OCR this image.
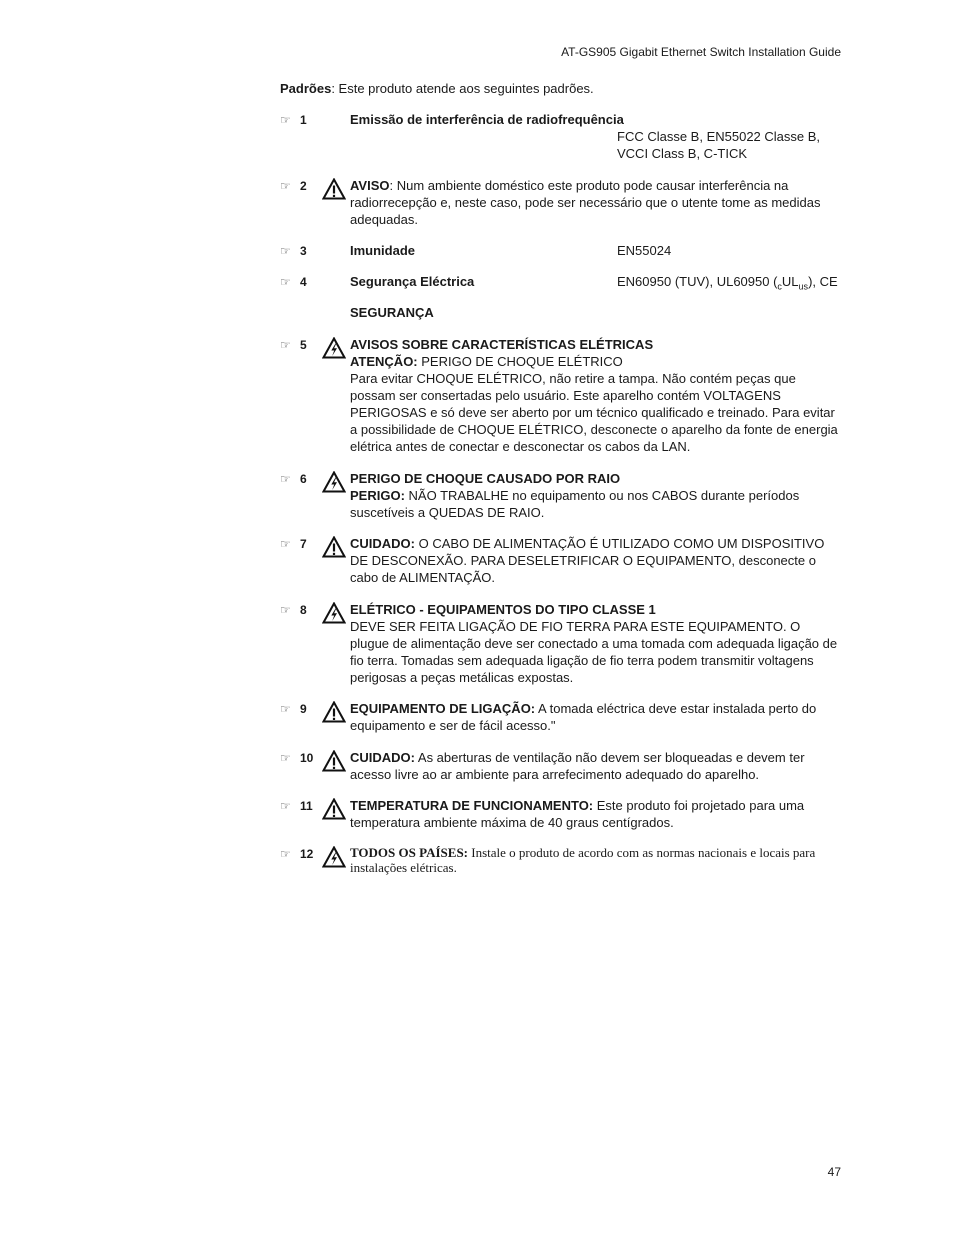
AT-GS905 Gigabit Ethernet Switch Installation Guide
Padrões: Este produto atende aos seguintes padrões.
☞ 1	Emissão de interferência de radiofrequência
FCC Classe B, EN55022 Classe B,
VCCI Class B, C-TICK
☞ 2	AVISO: Num ambiente doméstico este produto pode causar interferência na radiorrecepção e, neste caso, pode ser necessário que o utente tome as medidas adequadas.
☞ 3	Imunidade	EN55024
☞ 4	Segurança Eléctrica	EN60950 (TUV), UL60950 $(_cUL_{us})$, CE
SEGURANÇA
☞ 5	AVISOS SOBRE CARACTERÍSTICAS ELÉTRICAS
ATENÇÃO: PERIGO DE CHOQUE ELÉTRICO
Para evitar CHOQUE ELÉTRICO, não retire a tampa. Não contém peças que possam ser consertadas pelo usuário. Este aparelho contém VOLTAGENS PERIGOSAS e só deve ser aberto por um técnico qualificado e treinado. Para evitar a possibilidade de CHOQUE ELÉTRICO, desconecte o aparelho da fonte de energia elétrica antes de conectar e desconectar os cabos da LAN.
☞ 6	PERIGO DE CHOQUE CAUSADO POR RAIO
PERIGO: NÃO TRABALHE no equipamento ou nos CABOS durante períodos suscetíveis a QUEDAS DE RAIO.
☞ 7	CUIDADO: O CABO DE ALIMENTAÇÃO É UTILIZADO COMO UM DISPOSITIVO DE DESCONEXÃO. PARA DESELETRIFICAR O EQUIPAMENTO, desconecte o cabo de ALIMENTAÇÃO.
☞ 8	ELÉTRICO - EQUIPAMENTOS DO TIPO CLASSE 1
DEVE SER FEITA LIGAÇÃO DE FIO TERRA PARA ESTE EQUIPAMENTO. O plugue de alimentação deve ser conectado a uma tomada com adequada ligação de fio terra. Tomadas sem adequada ligação de fio terra podem transmitir voltagens perigosas a peças metálicas expostas.
☞ 9	EQUIPAMENTO DE LIGAÇÃO: A tomada eléctrica deve estar instalada perto do equipamento e ser de fácil acesso."
☞ 10	CUIDADO: As aberturas de ventilação não devem ser bloqueadas e devem ter acesso livre ao ar ambiente para arrefecimento adequado do aparelho.
☞ 11	TEMPERATURA DE FUNCIONAMENTO: Este produto foi projetado para uma temperatura ambiente máxima de 40 graus centígrados.
☞ 12	TODOS OS PAÍSES: Instale o produto de acordo com as normas nacionais e locais para instalações elétricas.
47
